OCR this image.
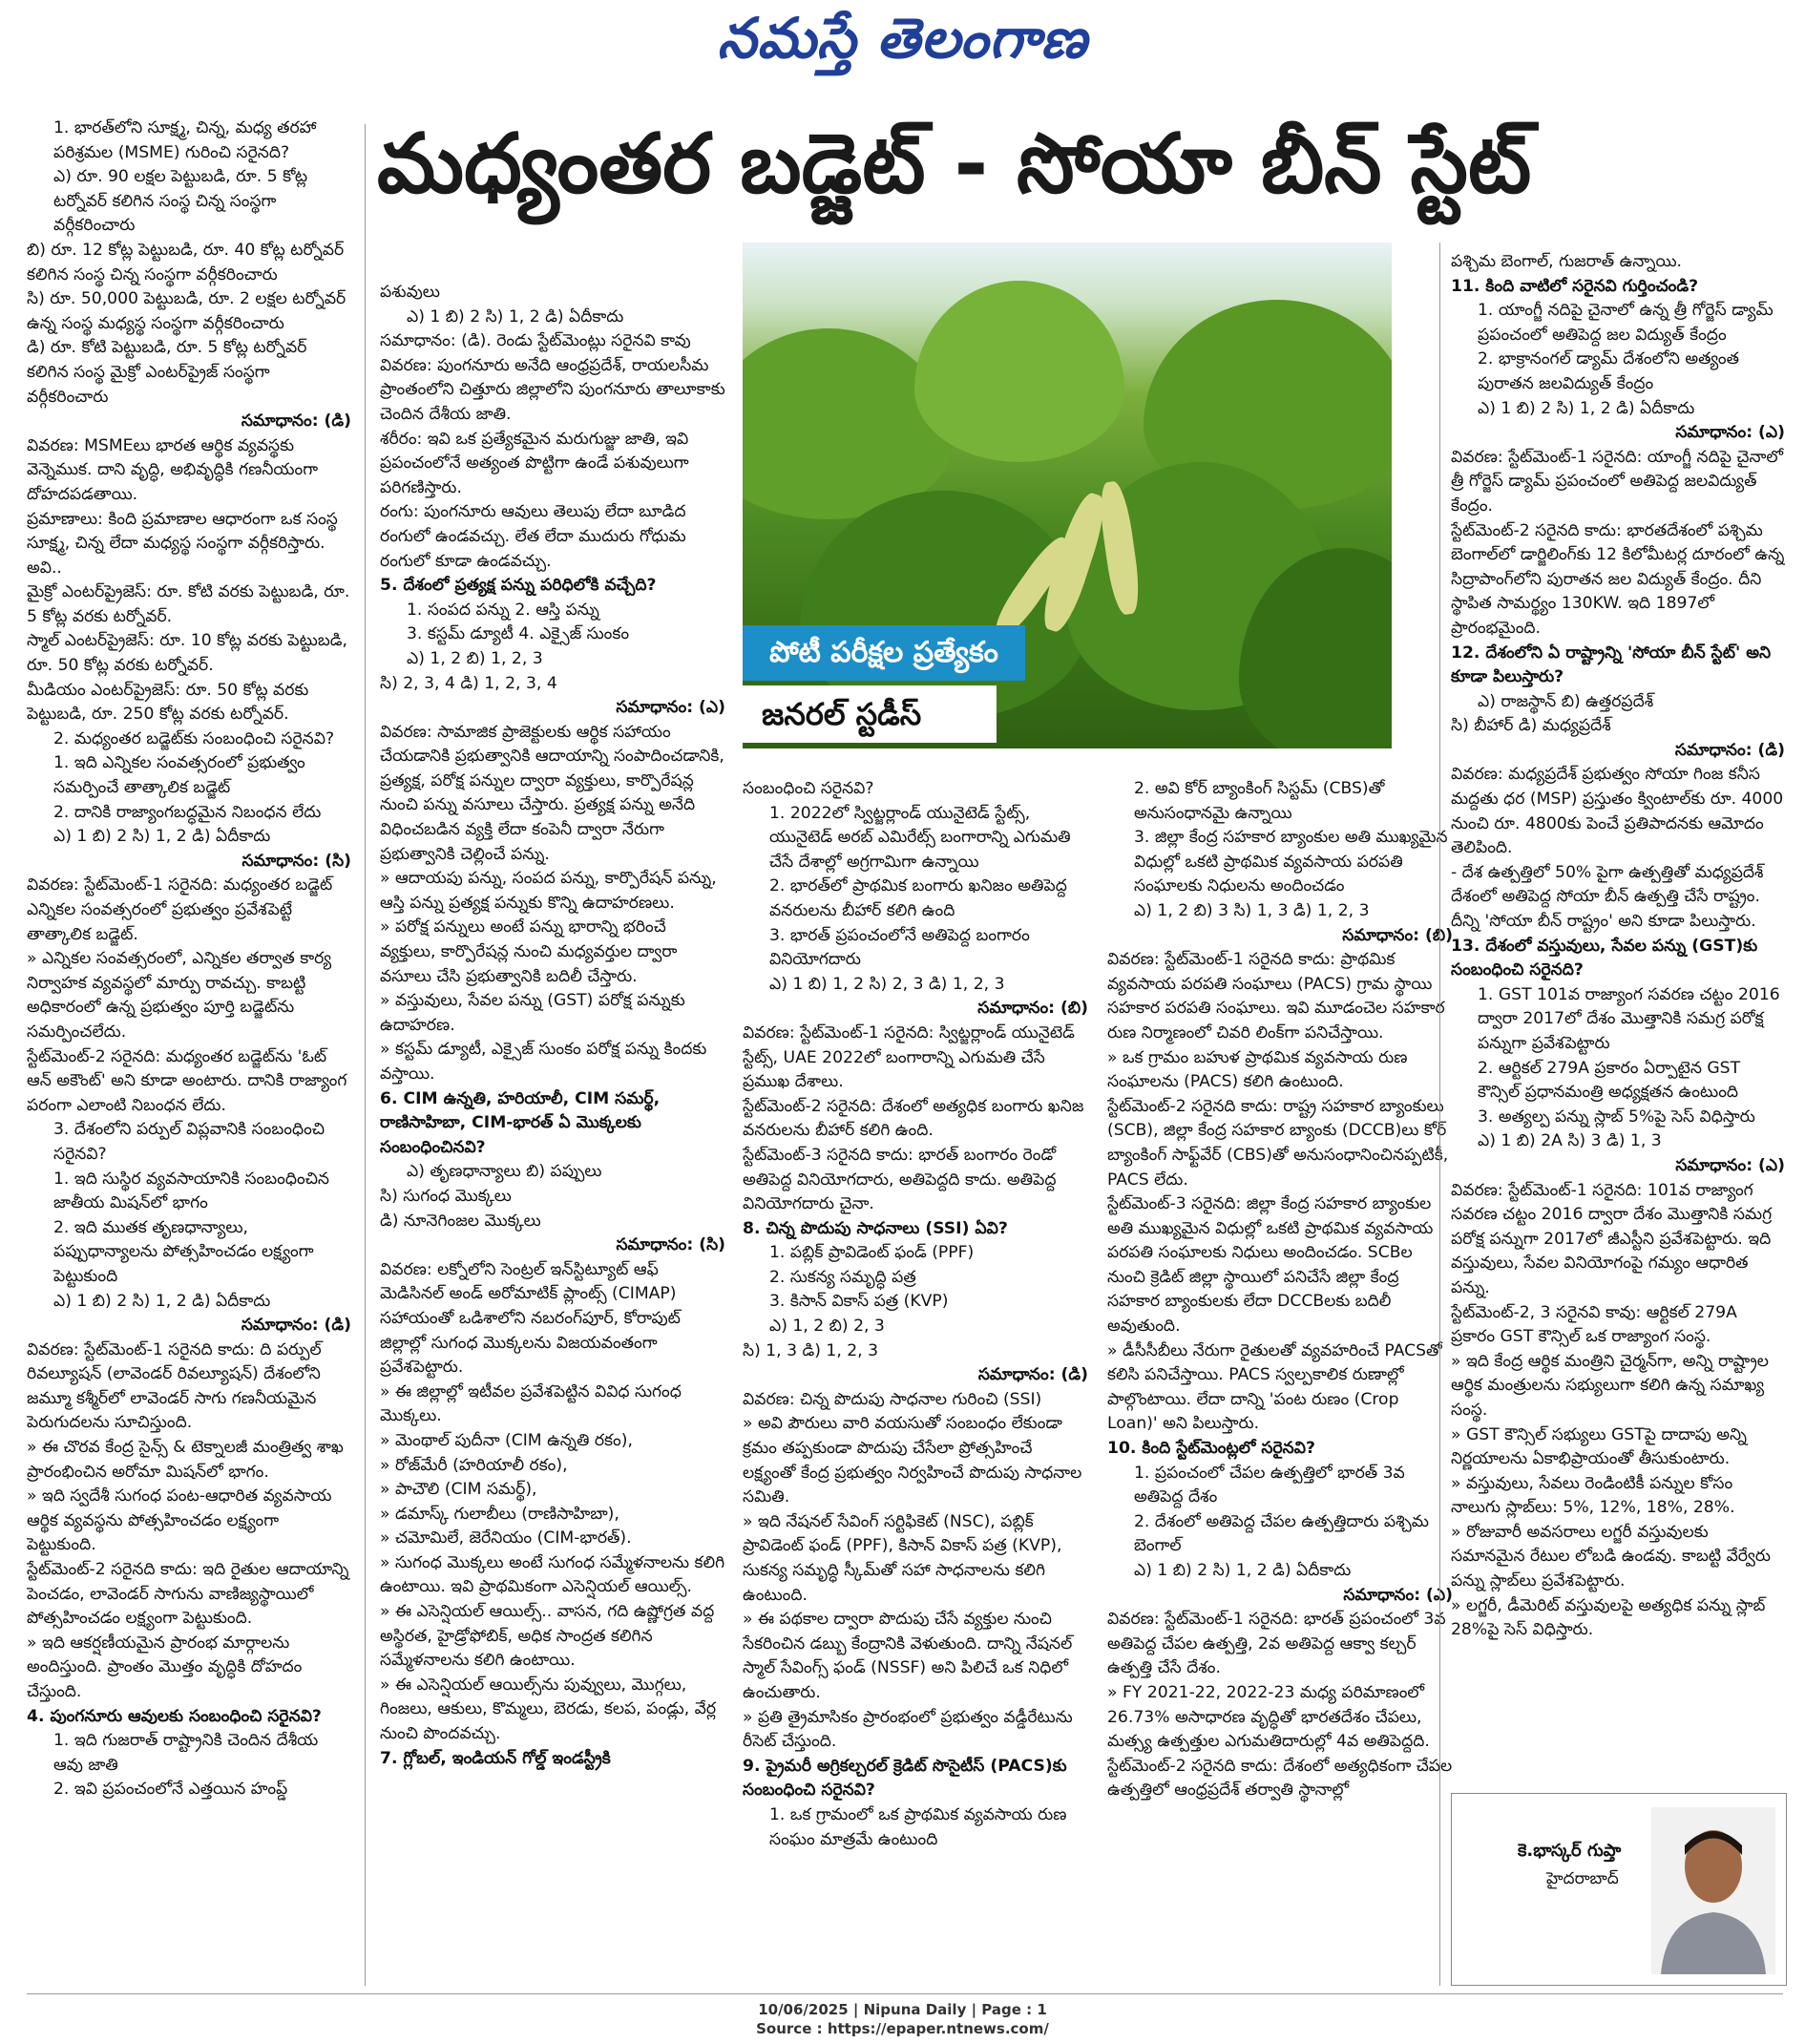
నమస్తే తెలంగాణ
మధ్యంతర బడ్జెట్ - సోయా బీన్ స్టేట్

1. భారత్‌లోని సూక్ష్మ, చిన్న, మధ్య తరహా పరిశ్రమల (MSME) గురించి సరైనది?

ఎ) రూ. 90 లక్షల పెట్టుబడి, రూ. 5 కోట్ల టర్నోవర్ కలిగిన సంస్థ చిన్న సంస్థగా వర్గీకరించారు

బి) రూ. 12 కోట్ల పెట్టుబడి, రూ. 40 కోట్ల టర్నోవర్ కలిగిన సంస్థ చిన్న సంస్థగా వర్గీకరించారు

సి) రూ. 50,000 పెట్టుబడి, రూ. 2 లక్షల టర్నోవర్ ఉన్న సంస్థ మధ్యస్థ సంస్థగా వర్గీకరించారు

డి) రూ. కోటి పెట్టుబడి, రూ. 5 కోట్ల టర్నోవర్ కలిగిన సంస్థ మైక్రో ఎంటర్‌ప్రైజ్ సంస్థగా వర్గీకరించారు

సమాధానం: (డి)

వివరణ: MSMEలు భారత ఆర్థిక వ్యవస్థకు వెన్నెముక. దాని వృద్ధి, అభివృద్ధికి గణనీయంగా దోహదపడతాయి.

ప్రమాణాలు: కింది ప్రమాణాల ఆధారంగా ఒక సంస్థ సూక్ష్మ, చిన్న లేదా మధ్యస్థ సంస్థగా వర్గీకరిస్తారు. అవి..

మైక్రో ఎంటర్‌ప్రైజెస్: రూ. కోటి వరకు పెట్టుబడి, రూ. 5 కోట్ల వరకు టర్నోవర్.

స్మాల్ ఎంటర్‌ప్రైజెస్: రూ. 10 కోట్ల వరకు పెట్టుబడి, రూ. 50 కోట్ల వరకు టర్నోవర్.

మీడియం ఎంటర్‌ప్రైజెస్: రూ. 50 కోట్ల వరకు పెట్టుబడి, రూ. 250 కోట్ల వరకు టర్నోవర్.

2. మధ్యంతర బడ్జెట్‌కు సంబంధించి సరైనవి?

1. ఇది ఎన్నికల సంవత్సరంలో ప్రభుత్వం సమర్పించే తాత్కాలిక బడ్జెట్

2. దానికి రాజ్యాంగబద్ధమైన నిబంధన లేదు

ఎ) 1 బి) 2 సి) 1, 2 డి) ఏదీకాదు

సమాధానం: (సి)

వివరణ: స్టేట్‌మెంట్-1 సరైనది: మధ్యంతర బడ్జెట్ ఎన్నికల సంవత్సరంలో ప్రభుత్వం ప్రవేశపెట్టే తాత్కాలిక బడ్జెట్.

» ఎన్నికల సంవత్సరంలో, ఎన్నికల తర్వాత కార్య నిర్వాహక వ్యవస్థలో మార్పు రావచ్చు. కాబట్టి అధికారంలో ఉన్న ప్రభుత్వం పూర్తి బడ్జెట్‌ను సమర్పించలేదు.

స్టేట్‌మెంట్-2 సరైనది: మధ్యంతర బడ్జెట్‌ను 'ఓట్ ఆన్ అకౌంట్' అని కూడా అంటారు. దానికి రాజ్యాంగ పరంగా ఎలాంటి నిబంధన లేదు.

3. దేశంలోని పర్పుల్ విప్లవానికి సంబంధించి సరైనవి?

1. ఇది సుస్థిర వ్యవసాయానికి సంబంధించిన జాతీయ మిషన్‌లో భాగం

2. ఇది ముతక తృణధాన్యాలు, పప్పుధాన్యాలను పోత్సహించడం లక్ష్యంగా పెట్టుకుంది

ఎ) 1 బి) 2 సి) 1, 2 డి) ఏదీకాదు

సమాధానం: (డి)

వివరణ: స్టేట్‌మెంట్-1 సరైనది కాదు: ది పర్పుల్ రివల్యూషన్ (లావెండర్ రివల్యూషన్) దేశంలోని జమ్మూ కశ్మీర్‌లో లావెండర్ సాగు గణనీయమైన పెరుగుదలను సూచిస్తుంది.

» ఈ చొరవ కేంద్ర సైన్స్ & టెక్నాలజీ మంత్రిత్వ శాఖ ప్రారంభించిన అరోమా మిషన్‌లో భాగం.

» ఇది స్వదేశీ సుగంధ పంట-ఆధారిత వ్యవసాయ ఆర్థిక వ్యవస్థను పోత్సహించడం లక్ష్యంగా పెట్టుకుంది.

స్టేట్‌మెంట్-2 సరైనది కాదు: ఇది రైతుల ఆదాయాన్ని పెంచడం, లావెండర్ సాగును వాణిజ్యస్థాయిలో పోత్సహించడం లక్ష్యంగా పెట్టుకుంది.

» ఇది ఆకర్షణీయమైన ప్రారంభ మార్గాలను అందిస్తుంది. ప్రాంతం మొత్తం వృద్ధికి దోహదం చేస్తుంది.

4. పుంగనూరు ఆవులకు సంబంధించి సరైనవి?

1. ఇది గుజరాత్ రాష్ట్రానికి చెందిన దేశీయ ఆవు జాతి

2. ఇవి ప్రపంచంలోనే ఎత్తయిన హంప్డ్

పశువులు

ఎ) 1 బి) 2 సి) 1, 2 డి) ఏదీకాదు

సమాధానం: (డి). రెండు స్టేట్‌మెంట్లు సరైనవి కావు

వివరణ: పుంగనూరు అనేది ఆంధ్రప్రదేశ్, రాయలసీమ ప్రాంతంలోని చిత్తూరు జిల్లాలోని పుంగనూరు తాలూకాకు చెందిన దేశీయ జాతి.

శరీరం: ఇవి ఒక ప్రత్యేకమైన మరుగుజ్జు జాతి, ఇవి ప్రపంచంలోనే అత్యంత పొట్టిగా ఉండే పశువులుగా పరిగణిస్తారు.

రంగు: పుంగనూరు ఆవులు తెలుపు లేదా బూడిద రంగులో ఉండవచ్చు. లేత లేదా ముదురు గోధుమ రంగులో కూడా ఉండవచ్చు.

5. దేశంలో ప్రత్యక్ష పన్ను పరిధిలోకి వచ్చేది?

1. సంపద పన్ను 2. ఆస్తి పన్ను

3. కస్టమ్ డ్యూటీ 4. ఎక్సైజ్ సుంకం

ఎ) 1, 2 బి) 1, 2, 3

సి) 2, 3, 4 డి) 1, 2, 3, 4

సమాధానం: (ఎ)

వివరణ: సామాజిక ప్రాజెక్టులకు ఆర్థిక సహాయం చేయడానికి ప్రభుత్వానికి ఆదాయాన్ని సంపాదించడానికి, ప్రత్యక్ష, పరోక్ష పన్నుల ద్వారా వ్యక్తులు, కార్పొరేషన్ల నుంచి పన్ను వసూలు చేస్తారు. ప్రత్యక్ష పన్ను అనేది విధించబడిన వ్యక్తి లేదా కంపెనీ ద్వారా నేరుగా ప్రభుత్వానికి చెల్లించే పన్ను.

» ఆదాయపు పన్ను, సంపద పన్ను, కార్పొరేషన్ పన్ను, ఆస్తి పన్ను ప్రత్యక్ష పన్నుకు కొన్ని ఉదాహరణలు.

» పరోక్ష పన్నులు అంటే పన్ను భారాన్ని భరించే వ్యక్తులు, కార్పొరేషన్ల నుంచి మధ్యవర్తుల ద్వారా వసూలు చేసి ప్రభుత్వానికి బదిలీ చేస్తారు.

» వస్తువులు, సేవల పన్ను (GST) పరోక్ష పన్నుకు ఉదాహరణ.

» కస్టమ్ డ్యూటీ, ఎక్సైజ్ సుంకం పరోక్ష పన్ను కిందకు వస్తాయి.

6. CIM ఉన్నతి, హరియాలీ, CIM సమర్థ్, రాణిసాహిబా, CIM-భారత్ ఏ మొక్కలకు సంబంధించినవి?

ఎ) తృణధాన్యాలు బి) పప్పులు

సి) సుగంధ మొక్కలు

డి) నూనెగింజల మొక్కలు

సమాధానం: (సి)

వివరణ: లక్నోలోని సెంట్రల్ ఇన్‌స్టిట్యూట్ ఆఫ్ మెడిసినల్ అండ్ అరోమాటిక్ ప్లాంట్స్ (CIMAP) సహాయంతో ఒడిశాలోని నబరంగ్‌పూర్, కోరాపుట్ జిల్లాల్లో సుగంధ మొక్కలను విజయవంతంగా ప్రవేశపెట్టారు.

» ఈ జిల్లాల్లో ఇటీవల ప్రవేశపెట్టిన వివిధ సుగంధ మొక్కలు.

» మెంథాల్ పుదీనా (CIM ఉన్నతి రకం),

» రోజ్‌మేరీ (హరియాలీ రకం),

» పాచౌలి (CIM సమర్థ్),

» డమాస్క్ గులాబీలు (రాణిసాహిబా),

» చమోమిలే, జెరేనియం (CIM-భారత్).

» సుగంధ మొక్కలు అంటే సుగంధ సమ్మేళనాలను కలిగి ఉంటాయి. ఇవి ప్రాథమికంగా ఎసెన్షియల్ ఆయిల్స్.

» ఈ ఎసెన్షియల్ ఆయిల్స్.. వాసన, గది ఉష్ణోగ్రత వద్ద అస్థిరత, హైడ్రోఫోబిక్, అధిక సాంద్రత కలిగిన సమ్మేళనాలను కలిగి ఉంటాయి.

» ఈ ఎసెన్షియల్ ఆయిల్స్‌ను పువ్వులు, మొగ్గలు, గింజలు, ఆకులు, కొమ్మలు, బెరడు, కలప, పండ్లు, వేర్ల నుంచి పొందవచ్చు.

7. గ్లోబల్, ఇండియన్ గోల్డ్ ఇండస్ట్రీకి

సంబంధించి సరైనవి?

1. 2022లో స్విట్జర్లాండ్ యునైటెడ్ స్టేట్స్, యునైటెడ్ అరబ్ ఎమిరేట్స్ బంగారాన్ని ఎగుమతి చేసే దేశాల్లో అగ్రగామిగా ఉన్నాయి

2. భారత్‌లో ప్రాథమిక బంగారు ఖనిజం అతిపెద్ద వనరులను బీహార్ కలిగి ఉంది

3. భారత్ ప్రపంచంలోనే అతిపెద్ద బంగారం వినియోగదారు

ఎ) 1 బి) 1, 2 సి) 2, 3 డి) 1, 2, 3

సమాధానం: (బి)

వివరణ: స్టేట్‌మెంట్-1 సరైనది: స్విట్జర్లాండ్ యునైటెడ్ స్టేట్స్, UAE 2022లో బంగారాన్ని ఎగుమతి చేసే ప్రముఖ దేశాలు.

స్టేట్‌మెంట్-2 సరైనది: దేశంలో అత్యధిక బంగారు ఖనిజ వనరులను బీహార్ కలిగి ఉంది.

స్టేట్‌మెంట్-3 సరైనది కాదు: భారత్ బంగారం రెండో అతిపెద్ద వినియోగదారు, అతిపెద్దది కాదు. అతిపెద్ద వినియోగదారు చైనా.

8. చిన్న పొదుపు సాధనాలు (SSI) ఏవి?

1. పబ్లిక్ ప్రావిడెంట్ ఫండ్ (PPF)

2. సుకన్య సమృద్ధి పత్ర

3. కిసాన్ వికాస్ పత్ర (KVP)

ఎ) 1, 2 బి) 2, 3

సి) 1, 3 డి) 1, 2, 3

సమాధానం: (డి)

వివరణ: చిన్న పొదుపు సాధనాల గురించి (SSI)

» అవి పౌరులు వారి వయసుతో సంబంధం లేకుండా క్రమం తప్పకుండా పొదుపు చేసేలా ప్రోత్సహించే లక్ష్యంతో కేంద్ర ప్రభుత్వం నిర్వహించే పొదుపు సాధనాల సమితి.

» ఇది నేషనల్ సేవింగ్ సర్టిఫికెట్ (NSC), పబ్లిక్ ప్రావిడెంట్ ఫండ్ (PPF), కిసాన్ వికాస్ పత్ర (KVP), సుకన్య సమృద్ధి స్కీమ్‌తో సహా సాధనాలను కలిగి ఉంటుంది.

» ఈ పథకాల ద్వారా పొదుపు చేసే వ్యక్తుల నుంచి సేకరించిన డబ్బు కేంద్రానికి వెళుతుంది. దాన్ని నేషనల్ స్మాల్ సేవింగ్స్ ఫండ్ (NSSF) అని పిలిచే ఒక నిధిలో ఉంచుతారు.

» ప్రతి త్రైమాసికం ప్రారంభంలో ప్రభుత్వం వడ్డీరేటును రీసెట్ చేస్తుంది.

9. ప్రైమరీ అగ్రికల్చరల్ క్రెడిట్ సొసైటీస్ (PACS)కు సంబంధించి సరైనవి?

1. ఒక గ్రామంలో ఒక ప్రాథమిక వ్యవసాయ రుణ సంఘం మాత్రమే ఉంటుంది

2. అవి కోర్ బ్యాంకింగ్ సిస్టమ్ (CBS)‌తో అనుసంధానమై ఉన్నాయి

3. జిల్లా కేంద్ర సహకార బ్యాంకుల అతి ముఖ్యమైన విధుల్లో ఒకటి ప్రాథమిక వ్యవసాయ పరపతి సంఘాలకు నిధులను అందించడం

ఎ) 1, 2 బి) 3 సి) 1, 3 డి) 1, 2, 3

సమాధానం: (బి)

వివరణ: స్టేట్‌మెంట్-1 సరైనది కాదు: ప్రాథమిక వ్యవసాయ పరపతి సంఘాలు (PACS) గ్రామ స్థాయి సహకార పరపతి సంఘాలు. ఇవి మూడంచెల సహకార రుణ నిర్మాణంలో చివరి లింక్‌గా పనిచేస్తాయి.

» ఒక గ్రామం బహుళ ప్రాథమిక వ్యవసాయ రుణ సంఘాలను (PACS) కలిగి ఉంటుంది.

స్టేట్‌మెంట్-2 సరైనది కాదు: రాష్ట్ర సహకార బ్యాంకులు (SCB), జిల్లా కేంద్ర సహకార బ్యాంకు (DCCB)లు కోర్ బ్యాంకింగ్ సాఫ్ట్‌వేర్ (CBS)తో అనుసంధానించినప్పటికీ, PACS లేదు.

స్టేట్‌మెంట్-3 సరైనది: జిల్లా కేంద్ర సహకార బ్యాంకుల అతి ముఖ్యమైన విధుల్లో ఒకటి ప్రాథమిక వ్యవసాయ పరపతి సంఘాలకు నిధులు అందించడం. SCBల నుంచి క్రెడిట్ జిల్లా స్థాయిలో పనిచేసే జిల్లా కేంద్ర సహకార బ్యాంకులకు లేదా DCCBలకు బదిలీ అవుతుంది.

» డీసీసీబీలు నేరుగా రైతులతో వ్యవహరించే PACSతో కలిసి పనిచేస్తాయి. PACS స్వల్పకాలిక రుణాల్లో పాల్గొంటాయి. లేదా దాన్ని 'పంట రుణం (Crop Loan)' అని పిలుస్తారు.

10. కింది స్టేట్‌మెంట్లలో సరైనవి?

1. ప్రపంచంలో చేపల ఉత్పత్తిలో భారత్ 3వ అతిపెద్ద దేశం

2. దేశంలో అతిపెద్ద చేపల ఉత్పత్తిదారు పశ్చిమ బెంగాల్

ఎ) 1 బి) 2 సి) 1, 2 డి) ఏదీకాదు

సమాధానం: (ఎ)

వివరణ: స్టేట్‌మెంట్-1 సరైనది: భారత్ ప్రపంచంలో 3వ అతిపెద్ద చేపల ఉత్పత్తి, 2వ అతిపెద్ద ఆక్వా కల్చర్ ఉత్పత్తి చేసే దేశం.

» FY 2021-22, 2022-23 మధ్య పరిమాణంలో 26.73% అసాధారణ వృద్ధితో భారతదేశం చేపలు, మత్స్య ఉత్పత్తుల ఎగుమతిదారుల్లో 4వ అతిపెద్దది.

స్టేట్‌మెంట్-2 సరైనది కాదు: దేశంలో అత్యధికంగా చేపల ఉత్పత్తిలో ఆంధ్రప్రదేశ్ తర్వాతి స్థానాల్లో

పశ్చిమ బెంగాల్, గుజరాత్ ఉన్నాయి.

11. కింది వాటిలో సరైనవి గుర్తించండి?

1. యాంగ్జీ నదిపై చైనాలో ఉన్న త్రీ గోర్జెస్ డ్యామ్ ప్రపంచంలో అతిపెద్ద జల విద్యుత్ కేంద్రం

2. భాక్రానంగల్ డ్యామ్ దేశంలోని అత్యంత పురాతన జలవిద్యుత్ కేంద్రం

ఎ) 1 బి) 2 సి) 1, 2 డి) ఏదీకాదు

సమాధానం: (ఎ)

వివరణ: స్టేట్‌మెంట్-1 సరైనది: యాంగ్జీ నదిపై చైనాలో త్రీ గోర్జెస్ డ్యామ్ ప్రపంచంలో అతిపెద్ద జలవిద్యుత్ కేంద్రం.

స్టేట్‌మెంట్-2 సరైనది కాదు: భారతదేశంలో పశ్చిమ బెంగాల్‌లో డార్జిలింగ్‌కు 12 కిలోమీటర్ల దూరంలో ఉన్న సిద్రాపాంగ్‌లోని పురాతన జల విద్యుత్ కేంద్రం. దీని స్థాపిత సామర్థ్యం 130KW. ఇది 1897లో ప్రారంభమైంది.

12. దేశంలోని ఏ రాష్ట్రాన్ని 'సోయా బీన్ స్టేట్' అని కూడా పిలుస్తారు?

ఎ) రాజస్థాన్ బి) ఉత్తరప్రదేశ్

సి) బీహార్ డి) మధ్యప్రదేశ్

సమాధానం: (డి)

వివరణ: మధ్యప్రదేశ్ ప్రభుత్వం సోయా గింజ కనీస మద్దతు ధర (MSP) ప్రస్తుతం క్వింటాల్‌కు రూ. 4000 నుంచి రూ. 4800కు పెంచే ప్రతిపాదనకు ఆమోదం తెలిపింది.

- దేశ ఉత్పత్తిలో 50% పైగా ఉత్పత్తితో మధ్యప్రదేశ్ దేశంలో అతిపెద్ద సోయా బీన్ ఉత్పత్తి చేసే రాష్ట్రం. దీన్ని 'సోయా బీన్ రాష్ట్రం' అని కూడా పిలుస్తారు.

13. దేశంలో వస్తువులు, సేవల పన్ను (GST)కు సంబంధించి సరైనది?

1. GST 101వ రాజ్యాంగ సవరణ చట్టం 2016 ద్వారా 2017లో దేశం మొత్తానికి సమగ్ర పరోక్ష పన్నుగా ప్రవేశపెట్టారు

2. ఆర్టికల్ 279A ప్రకారం ఏర్పాటైన GST కౌన్సిల్ ప్రధానమంత్రి అధ్యక్షతన ఉంటుంది

3. అత్యల్ప పన్ను స్లాబ్ 5%పై సెస్ విధిస్తారు

ఎ) 1 బి) 2A సి) 3 డి) 1, 3

సమాధానం: (ఎ)

వివరణ: స్టేట్‌మెంట్-1 సరైనది: 101వ రాజ్యాంగ సవరణ చట్టం 2016 ద్వారా దేశం మొత్తానికి సమగ్ర పరోక్ష పన్నుగా 2017లో జీఎస్టీని ప్రవేశపెట్టారు. ఇది వస్తువులు, సేవల వినియోగంపై గమ్యం ఆధారిత పన్ను.

స్టేట్‌మెంట్-2, 3 సరైనవి కావు: ఆర్టికల్ 279A ప్రకారం GST కౌన్సిల్ ఒక రాజ్యాంగ సంస్థ.

» ఇది కేంద్ర ఆర్థిక మంత్రిని చైర్మన్‌గా, అన్ని రాష్ట్రాల ఆర్థిక మంత్రులను సభ్యులుగా కలిగి ఉన్న సమాఖ్య సంస్థ.

» GST కౌన్సిల్ సభ్యులు GSTపై దాదాపు అన్ని నిర్ణయాలను ఏకాభిప్రాయంతో తీసుకుంటారు.

» వస్తువులు, సేవలు రెండింటికీ పన్నుల కోసం నాలుగు స్లాబ్‌లు: 5%, 12%, 18%, 28%.

» రోజువారీ అవసరాలు లగ్జరీ వస్తువులకు సమానమైన రేటుల లోబడి ఉండవు. కాబట్టి వేర్వేరు పన్ను స్లాబ్‌లు ప్రవేశపెట్టారు.

» లగ్జరీ, డీమెరిట్ వస్తువులపై అత్యధిక పన్ను స్లాబ్ 28%పై సెస్ విధిస్తారు.

పోటీ పరీక్షల ప్రత్యేకం
జనరల్ స్టడీస్
కె.భాస్కర్ గుప్తా
హైదరాబాద్
10/06/2025 | Nipuna Daily | Page : 1
Source : https://epaper.ntnews.com/
